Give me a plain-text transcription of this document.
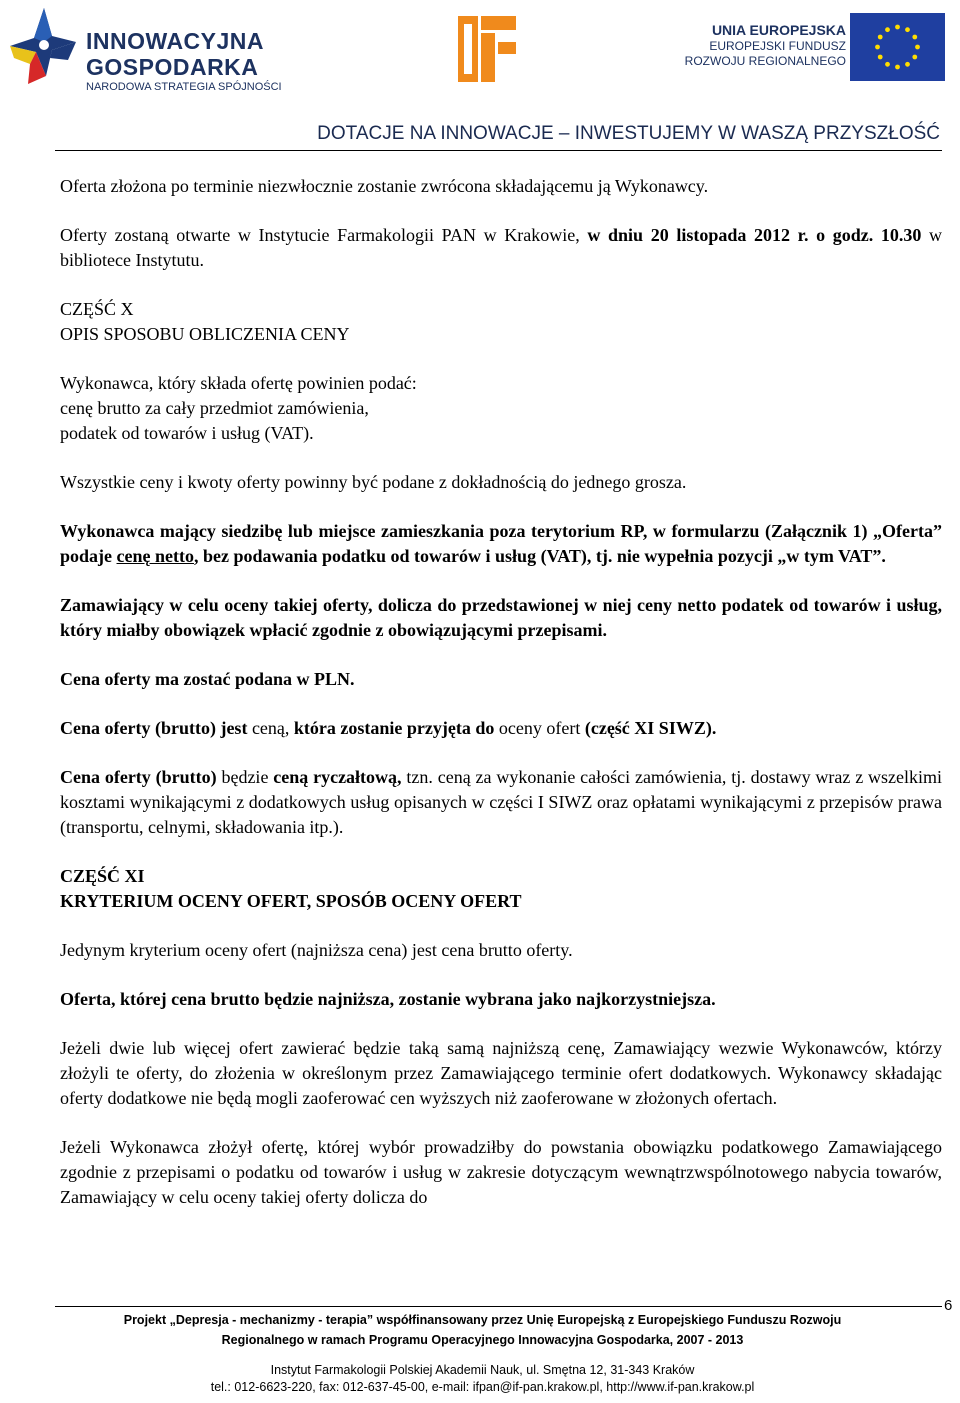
INNOWACYJNA
GOSPODARKA
NARODOWA STRATEGIA SPÓJNOŚCI
UNIA EUROPEJSKA
EUROPEJSKI FUNDUSZ
ROZWOJU REGIONALNEGO
DOTACJE NA INNOWACJE – INWESTUJEMY W WASZĄ PRZYSZŁOŚĆ

Oferta złożona po terminie niezwłocznie zostanie zwrócona składającemu ją Wykonawcy.

Oferty zostaną otwarte w Instytucie Farmakologii PAN w Krakowie, w dniu 20 listopada 2012 r. o godz. 10.30 w bibliotece Instytutu.

CZĘŚĆ X
OPIS SPOSOBU OBLICZENIA CENY

Wykonawca, który składa ofertę powinien podać:
cenę brutto za cały przedmiot zamówienia,
podatek od towarów i usług (VAT).

Wszystkie ceny i kwoty oferty powinny być podane z dokładnością do jednego grosza.

Wykonawca mający siedzibę lub miejsce zamieszkania poza terytorium RP, w formularzu (Załącznik 1) „Oferta” podaje cenę netto, bez podawania podatku od towarów i usług (VAT), tj. nie wypełnia pozycji „w tym VAT”.

Zamawiający w celu oceny takiej oferty, dolicza do przedstawionej w niej ceny netto podatek od towarów i usług, który miałby obowiązek wpłacić zgodnie z obowiązującymi przepisami.

Cena oferty ma zostać podana w PLN.

Cena oferty (brutto) jest ceną, która zostanie przyjęta do oceny ofert (część XI SIWZ).

Cena oferty (brutto) będzie ceną ryczałtową, tzn. ceną za wykonanie całości zamówienia, tj. dostawy wraz z wszelkimi kosztami wynikającymi z dodatkowych usług opisanych w części I SIWZ oraz opłatami wynikającymi z przepisów prawa (transportu, celnymi, składowania itp.).

CZĘŚĆ XI
KRYTERIUM OCENY OFERT, SPOSÓB OCENY OFERT

Jedynym kryterium oceny ofert (najniższa cena) jest cena brutto oferty.

Oferta, której cena brutto będzie najniższa, zostanie wybrana jako najkorzystniejsza.

Jeżeli dwie lub więcej ofert zawierać będzie taką samą najniższą cenę, Zamawiający wezwie Wykonawców, którzy złożyli te oferty, do złożenia w określonym przez Zamawiającego terminie ofert dodatkowych. Wykonawcy składając oferty dodatkowe nie będą mogli zaoferować cen wyższych niż zaoferowane w złożonych ofertach.

Jeżeli Wykonawca złożył ofertę, której wybór prowadziłby do powstania obowiązku podatkowego Zamawiającego zgodnie z przepisami o podatku od towarów i usług w zakresie dotyczącym wewnątrzwspólnotowego nabycia towarów, Zamawiający w celu oceny takiej oferty dolicza do

6
Projekt „Depresja - mechanizmy - terapia” współfinansowany przez Unię Europejską z Europejskiego Funduszu Rozwoju
Regionalnego w ramach Programu Operacyjnego Innowacyjna Gospodarka, 2007 - 2013
Instytut Farmakologii Polskiej Akademii Nauk, ul. Smętna 12, 31-343 Kraków
tel.: 012-6623-220, fax: 012-637-45-00, e-mail: ifpan@if-pan.krakow.pl, http://www.if-pan.krakow.pl
